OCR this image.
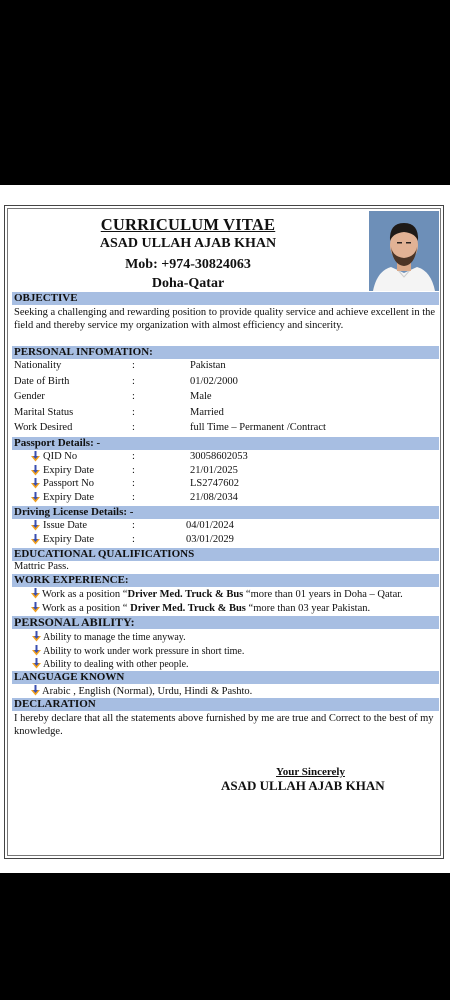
CURRICULUM VITAE
ASAD ULLAH AJAB KHAN
Mob: +974-30824063
Doha-Qatar
OBJECTIVE
Seeking a challenging and rewarding position to provide quality service and achieve excellent in the field and thereby service my organization with almost efficiency and sincerity.
PERSONAL INFOMATION:
Nationality	:	Pakistan
Date of Birth	:	01/02/2000
Gender	:	Male
Marital Status	:	Married
Work Desired	:	full Time – Permanent /Contract
Passport Details: -
QID No	:	30058602053
Expiry Date	:	21/01/2025
Passport No	:	LS2747602
Expiry Date	:	21/08/2034
Driving License Details: -
Issue Date	:	04/01/2024
Expiry Date	:	03/01/2029
EDUCATIONAL QUALIFICATIONS
Mattric Pass.
WORK EXPERIENCE:
Work as a position “Driver Med. Truck & Bus “more than 01 years in Doha – Qatar.
Work as a position “ Driver Med. Truck & Bus “more than 03 year Pakistan.
PERSONAL ABILITY:
Ability to manage the time anyway.
Ability to work under work pressure in short time.
Ability to dealing with other people.
LANGUAGE KNOWN
Arabic , English (Normal), Urdu, Hindi & Pashto.
DECLARATION
I hereby declare that all the statements above furnished by me are true and Correct to the best of my knowledge.
Your Sincerely
ASAD ULLAH AJAB KHAN
